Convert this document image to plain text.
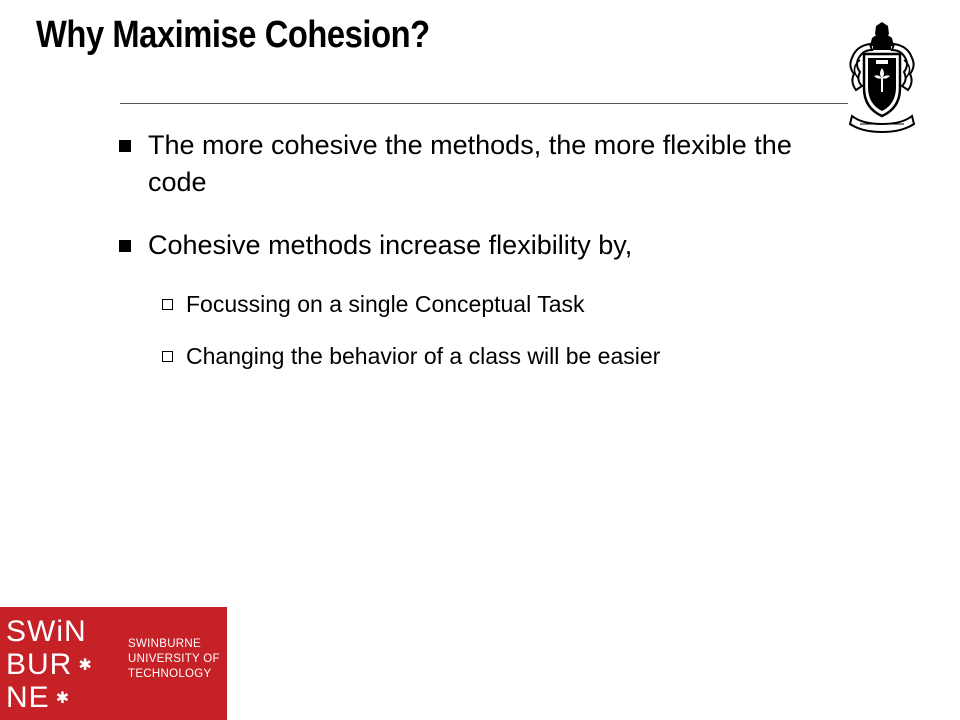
Why Maximise Cohesion?
The more cohesive the methods, the more flexible the code
Cohesive methods increase flexibility by,
Focussing on a single Conceptual Task
Changing the behavior of a class will be easier
SWiN
BUR ✱
NE ✱
SWINBURNE
UNIVERSITY OF
TECHNOLOGY
